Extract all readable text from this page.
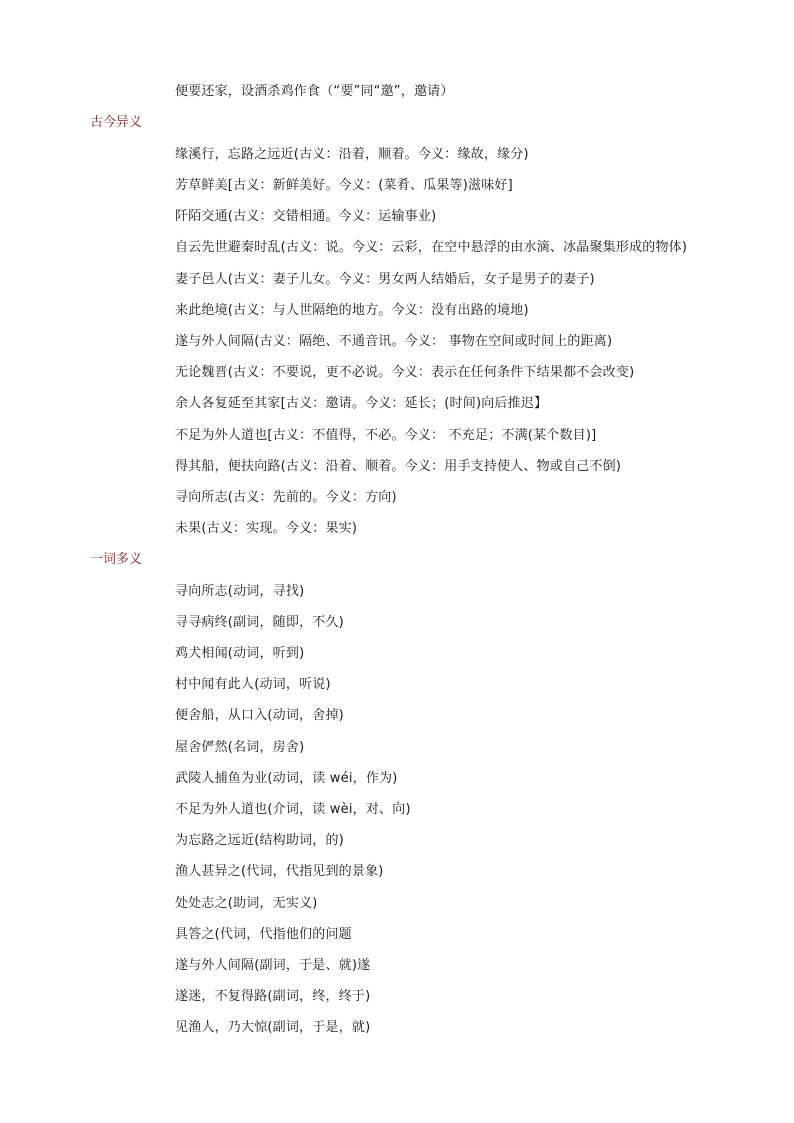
便要还家，设酒杀鸡作食（“要”同“邀”，邀请）
古今异义
缘溪行，忘路之远近(古义：沿着，顺着。今义：缘故，缘分)
芳草鲜美[古义：新鲜美好。今义：(菜肴、瓜果等)滋味好]
阡陌交通(古义：交错相通。今义：运输事业)
自云先世避秦时乱(古义：说。今义：云彩，在空中悬浮的由水滴、冰晶聚集形成的物体)
妻子邑人(古义：妻子儿女。今义：男女两人结婚后，女子是男子的妻子)
来此绝境(古义：与人世隔绝的地方。今义：没有出路的境地)
遂与外人间隔(古义：隔绝、不通音讯。今义： 事物在空间或时间上的距离)
无论魏晋(古义：不要说，更不必说。今义：表示在任何条件下结果都不会改变)
余人各复延至其家[古义：邀请。今义：延长；(时间)向后推迟】
不足为外人道也[古义：不值得，不必。今义： 不充足；不满(某个数目)]
得其船，便扶向路(古义：沿着、顺着。今义：用手支持使人、物或自己不倒)
寻向所志(古义：先前的。今义：方向)
未果(古义：实现。今义：果实)
一词多义
寻向所志(动词，寻找)
寻寻病终(副词，随即，不久)
鸡犬相闻(动词，听到)
村中闻有此人(动词，听说)
便舍船，从口入(动词，舍掉)
屋舍俨然(名词，房舍)
武陵人捕鱼为业(动词，读 wéi，作为)
不足为外人道也(介词，读 wèi，对、向)
为忘路之远近(结构助词，的)
渔人甚异之(代词，代指见到的景象)
处处志之(助词，无实义)
具答之(代词，代指他们的问题
遂与外人间隔(副词，于是、就)遂
遂迷，不复得路(副词，终，终于)
见渔人，乃大惊(副词，于是，就)
